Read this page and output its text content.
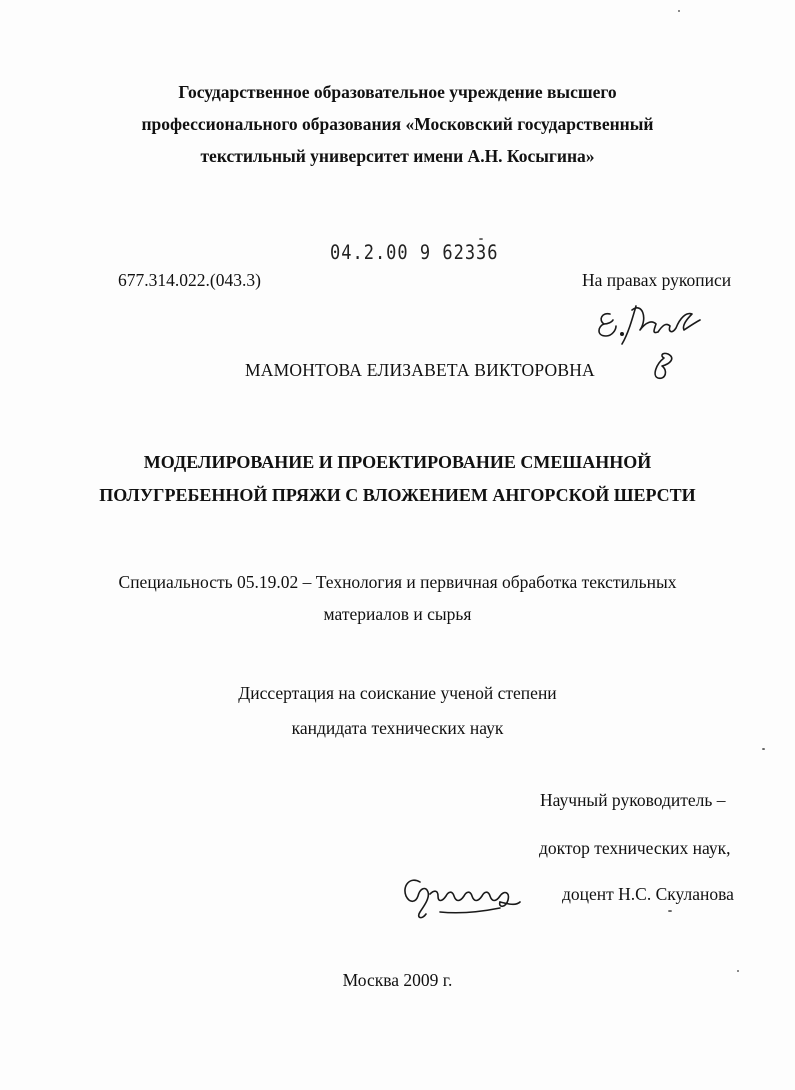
Государственное образовательное учреждение высшего
профессионального образования «Московский государственный
текстильный университет имени А.Н. Косыгина»
04.2.00 9 62336
677.314.022.(043.3)	На правах рукописи
МАМОНТОВА ЕЛИЗАВЕТА ВИКТОРОВНА
МОДЕЛИРОВАНИЕ И ПРОЕКТИРОВАНИЕ СМЕШАННОЙ
ПОЛУГРЕБЕННОЙ ПРЯЖИ С ВЛОЖЕНИЕМ АНГОРСКОЙ ШЕРСТИ
Специальность 05.19.02 – Технология и первичная обработка текстильных
материалов и сырья
Диссертация на соискание ученой степени
кандидата технических наук
Научный руководитель –
доктор технических наук,
доцент Н.С. Скуланова
Москва 2009 г.
